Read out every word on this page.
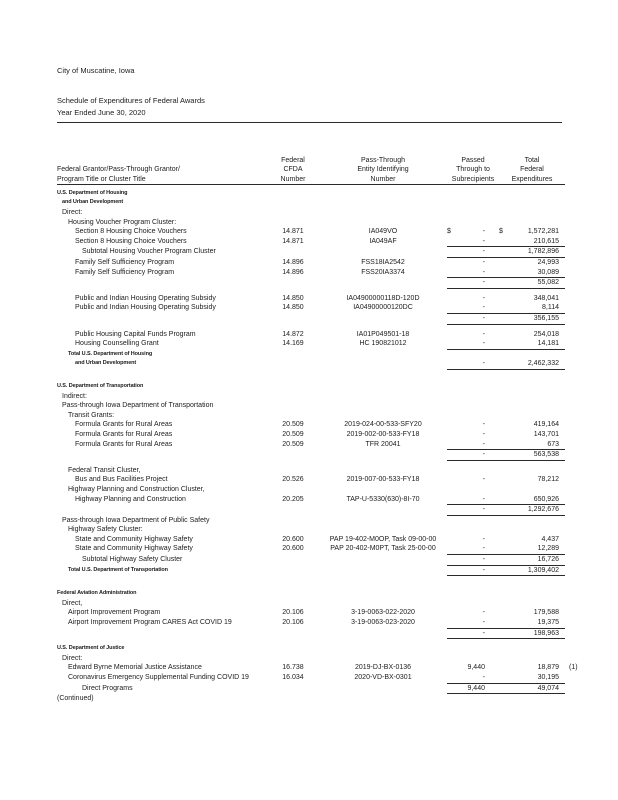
City of Muscatine, Iowa
Schedule of Expenditures of Federal Awards
Year Ended June 30, 2020
Federal	Pass-Through	Passed	Total
Federal Grantor/Pass-Through Grantor/	CFDA	Entity Identifying	Through to	Federal
Program Title or Cluster Title	Number	Number	Subrecipients	Expenditures
U.S. Department of Housing
and Urban Development
Direct:
Housing Voucher Program Cluster:
Section 8 Housing Choice Vouchers	14.871	IA049VO	$	- $	1,572,281
Section 8 Housing Choice Vouchers	14.871	IA049AF	-	210,615
Subtotal Housing Voucher Program Cluster	-	1,782,896
Family Self Sufficiency Program	14.896	FSS18IA2542	-	24,993
Family Self Sufficiency Program	14.896	FSS20IA3374	-	30,089
-	55,082
Public and Indian Housing Operating Subsidy	14.850	IA04900000118D-120D	-	348,041
Public and Indian Housing Operating Subsidy	14.850	IA04900000120DC	-	8,114
-	356,155
Public Housing Capital Funds Program	14.872	IA01P049501-18	-	254,018
Housing Counselling Grant	14.169	HC 190821012	-	14,181
Total U.S. Department of Housing
and Urban Development	-	2,462,332
U.S. Department of Transportation
Indirect:
Pass-through Iowa Department of Transportation
Transit Grants:
Formula Grants for Rural Areas	20.509	2019-024-00-533-SFY20	-	419,164
Formula Grants for Rural Areas	20.509	2019-002-00-533-FY18	-	143,701
Formula Grants for Rural Areas	20.509	TFR 20041	-	673
-	563,538
Federal Transit Cluster,
Bus and Bus Facilities Project	20.526	2019-007-00-533-FY18	-	78,212
Highway Planning and Construction Cluster,
Highway Planning and Construction	20.205	TAP-U-5330(630)-8I-70	-	650,926
-	1,292,676
Pass-through Iowa Department of Public Safety
Highway Safety Cluster:
State and Community Highway Safety	20.600	PAP 19-402-M0OP, Task 09-00-00	-	4,437
State and Community Highway Safety	20.600	PAP 20-402-M0PT, Task 25-00-00	-	12,289
Subtotal Highway Safety Cluster	-	16,726
Total U.S. Department of Transportation	-	1,309,402
Federal Aviation Administration
Direct,
Airport Improvement Program	20.106	3-19-0063-022-2020	-	179,588
Airport Improvement Program CARES Act COVID 19	20.106	3-19-0063-023-2020	-	19,375
-	198,963
U.S. Department of Justice
Direct:
Edward Byrne Memorial Justice Assistance	16.738	2019-DJ-BX-0136	9,440	18,879	(1)
Coronavirus Emergency Supplemental Funding COVID 19	16.034	2020-VD-BX-0301	-	30,195
Direct Programs	9,440	49,074
(Continued)
